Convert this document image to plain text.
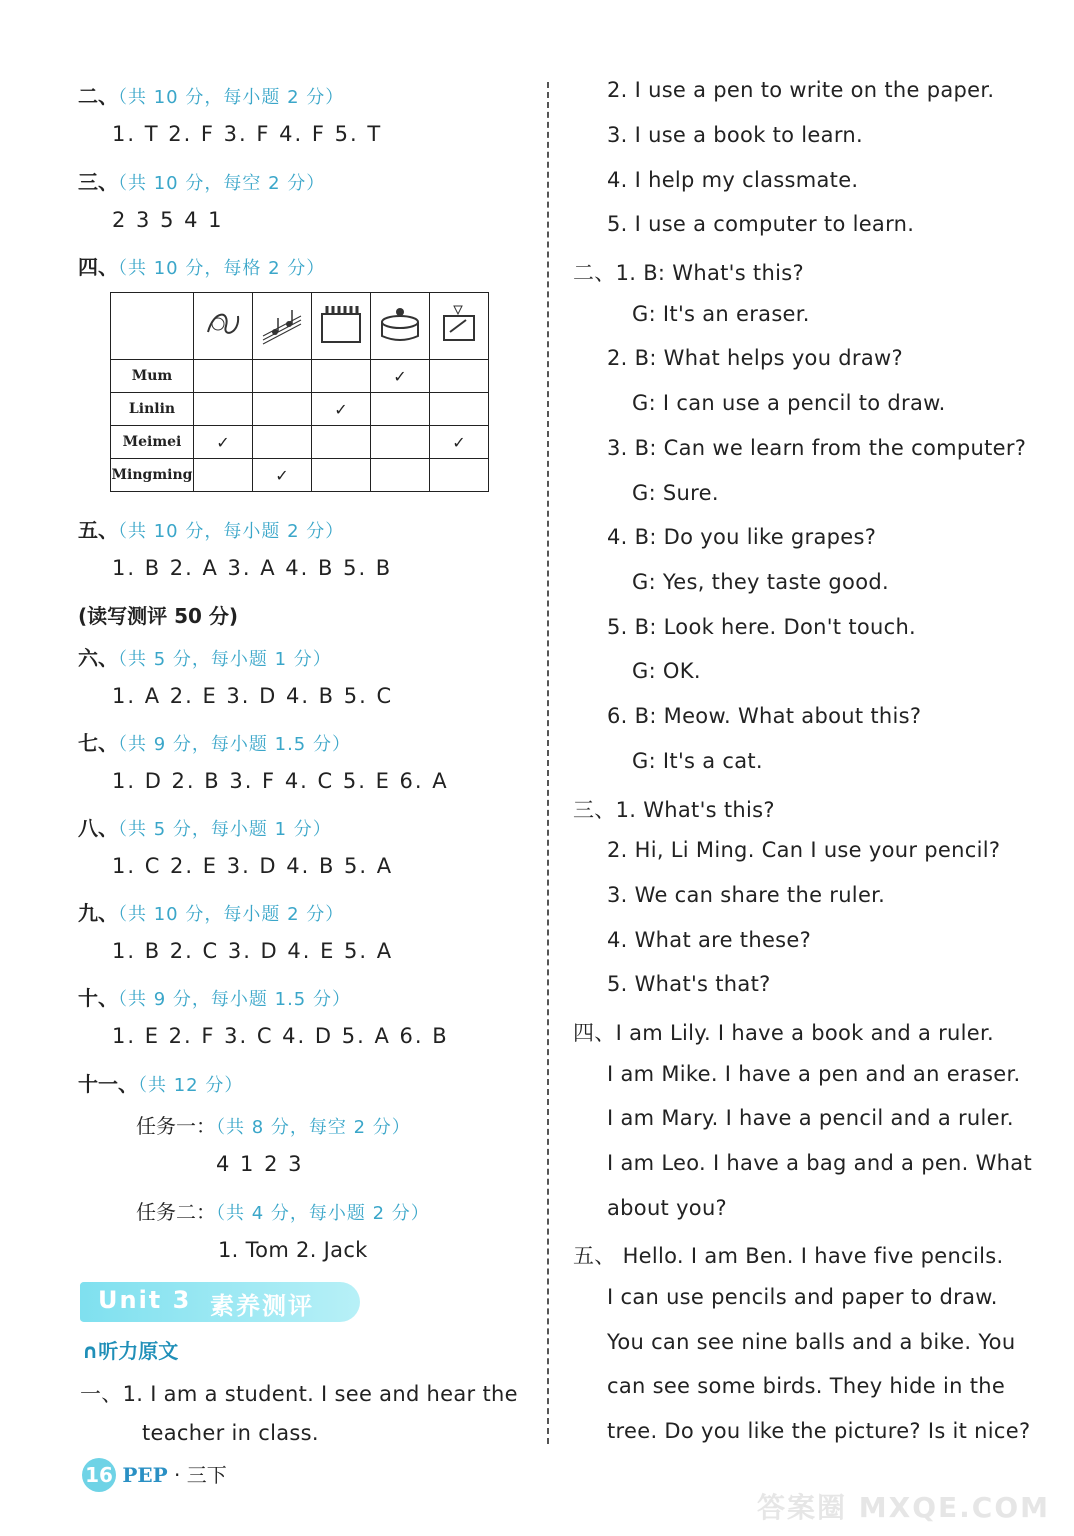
二、（共 10 分，每小题 2 分）
1. T 2. F 3. F 4. F 5. T
三、（共 10 分，每空 2 分）
2 3 5 4 1
四、（共 10 分，每格 2 分）

Mum				✓	
Linlin			✓		
Meimei	✓				✓
Mingming		✓			
五、（共 10 分，每小题 2 分）
1. B 2. A 3. A 4. B 5. B
(读写测评 50 分)
六、（共 5 分，每小题 1 分）
1. A 2. E 3. D 4. B 5. C
七、（共 9 分，每小题 1.5 分）
1. D 2. B 3. F 4. C 5. E 6. A
八、（共 5 分，每小题 1 分）
1. C 2. E 3. D 4. B 5. A
九、（共 10 分，每小题 2 分）
1. B 2. C 3. D 4. E 5. A
十、（共 9 分，每小题 1.5 分）
1. E 2. F 3. C 4. D 5. A 6. B
十一、（共 12 分）
任务一：（共 8 分，每空 2 分）
4 1 2 3
任务二：（共 4 分，每小题 2 分）
1. Tom 2. Jack
Unit 3 素养测评
∩听力原文
一、1. I am a student. I see and hear the
teacher in class.
16 PEP · 三下
2. I use a pen to write on the paper.
3. I use a book to learn.
4. I help my classmate.
5. I use a computer to learn.
二、1. B: What's this?
G: It's an eraser.
2. B: What helps you draw?
G: I can use a pencil to draw.
3. B: Can we learn from the computer?
G: Sure.
4. B: Do you like grapes?
G: Yes, they taste good.
5. B: Look here. Don't touch.
G: OK.
6. B: Meow. What about this?
G: It's a cat.
三、1. What's this?
2. Hi, Li Ming. Can I use your pencil?
3. We can share the ruler.
4. What are these?
5. What's that?
四、I am Lily. I have a book and a ruler.
I am Mike. I have a pen and an eraser.
I am Mary. I have a pencil and a ruler.
I am Leo. I have a bag and a pen. What
about you?
五、 Hello. I am Ben. I have five pencils.
I can use pencils and paper to draw.
You can see nine balls and a bike. You
can see some birds. They hide in the
tree. Do you like the picture? Is it nice?
答案圈 MXQE.COM
